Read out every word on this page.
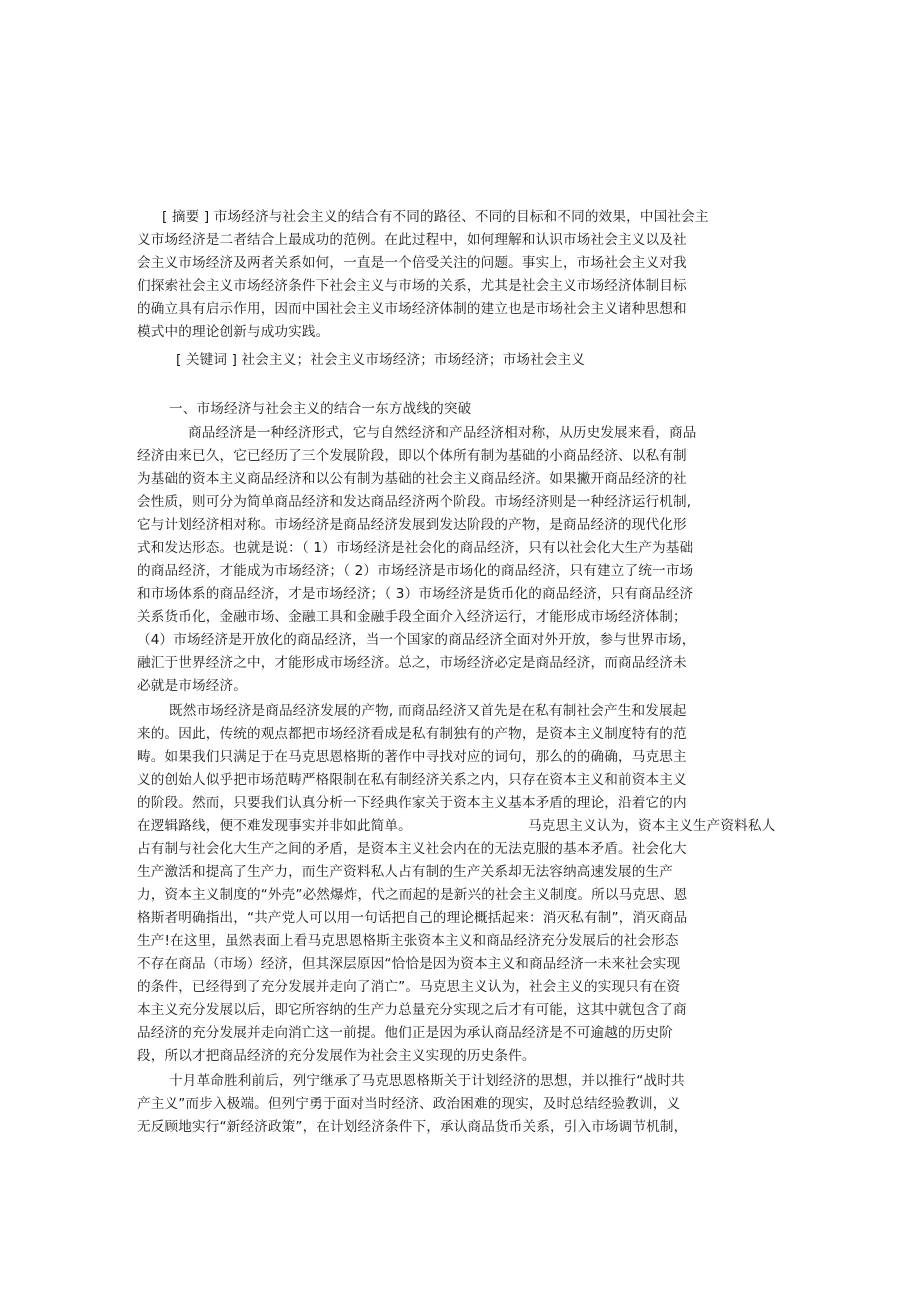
[ 摘要 ] 市场经济与社会主义的结合有不同的路径、不同的目标和不同的效果，中国社会主
义市场经济是二者结合上最成功的范例。在此过程中，如何理解和认识市场社会主义以及社
会主义市场经济及两者关系如何，一直是一个倍受关注的问题。事实上，市场社会主义对我
们探索社会主义市场经济条件下社会主义与市场的关系，尤其是社会主义市场经济体制目标
的确立具有启示作用，因而中国社会主义市场经济体制的建立也是市场社会主义诸种思想和
模式中的理论创新与成功实践。
[ 关键词 ] 社会主义；社会主义市场经济；市场经济；市场社会主义
一、市场经济与社会主义的结合一东方战线的突破
商品经济是一种经济形式，它与自然经济和产品经济相对称，从历史发展来看，商品
经济由来已久，它已经历了三个发展阶段，即以个体所有制为基础的小商品经济、以私有制
为基础的资本主义商品经济和以公有制为基础的社会主义商品经济。如果撇开商品经济的社
会性质，则可分为简单商品经济和发达商品经济两个阶段。市场经济则是一种经济运行机制,
它与计划经济相对称。市场经济是商品经济发展到发达阶段的产物，是商品经济的现代化形
式和发达形态。也就是说：（ 1）市场经济是社会化的商品经济，只有以社会化大生产为基础
的商品经济，才能成为市场经济；（ 2）市场经济是市场化的商品经济，只有建立了统一市场
和市场体系的商品经济，才是市场经济；（ 3）市场经济是货币化的商品经济，只有商品经济
关系货币化，金融市场、金融工具和金融手段全面介入经济运行，才能形成市场经济体制；
（4）市场经济是开放化的商品经济，当一个国家的商品经济全面对外开放，参与世界市场，
融汇于世界经济之中，才能形成市场经济。总之，市场经济必定是商品经济，而商品经济未
必就是市场经济。
既然市场经济是商品经济发展的产物, 而商品经济又首先是在私有制社会产生和发展起
来的。因此，传统的观点都把市场经济看成是私有制独有的产物，是资本主义制度特有的范
畴。如果我们只满足于在马克思恩格斯的著作中寻找对应的词句，那么的的确确，马克思主
义的创始人似乎把市场范畴严格限制在私有制经济关系之内，只存在资本主义和前资本主义
的阶段。然而，只要我们认真分析一下经典作家关于资本主义基本矛盾的理论，沿着它的内
在逻辑路线，便不难发现事实并非如此简单。	马克思主义认为，资本主义生产资料私人
占有制与社会化大生产之间的矛盾，是资本主义社会内在的无法克服的基本矛盾。社会化大
生产激活和提高了生产力，而生产资料私人占有制的生产关系却无法容纳高速发展的生产
力，资本主义制度的“外壳”必然爆炸，代之而起的是新兴的社会主义制度。所以马克思、恩
格斯者明确指出，“共产党人可以用一句话把自己的理论概括起来：消灭私有制”，消灭商品
生产!在这里，虽然表面上看马克思恩格斯主张资本主义和商品经济充分发展后的社会形态
不存在商品（市场）经济，但其深层原因“恰恰是因为资本主义和商品经济一未来社会实现
的条件，已经得到了充分发展并走向了消亡”。马克思主义认为，社会主义的实现只有在资
本主义充分发展以后，即它所容纳的生产力总量充分实现之后才有可能，这其中就包含了商
品经济的充分发展并走向消亡这一前提。他们正是因为承认商品经济是不可逾越的历史阶
段，所以才把商品经济的充分发展作为社会主义实现的历史条件。
十月革命胜利前后，列宁继承了马克思恩格斯关于计划经济的思想，并以推行“战时共
产主义”而步入极端。但列宁勇于面对当时经济、政治困难的现实，及时总结经验教训，义
无反顾地实行“新经济政策”，在计划经济条件下，承认商品货币关系，引入市场调节机制，
